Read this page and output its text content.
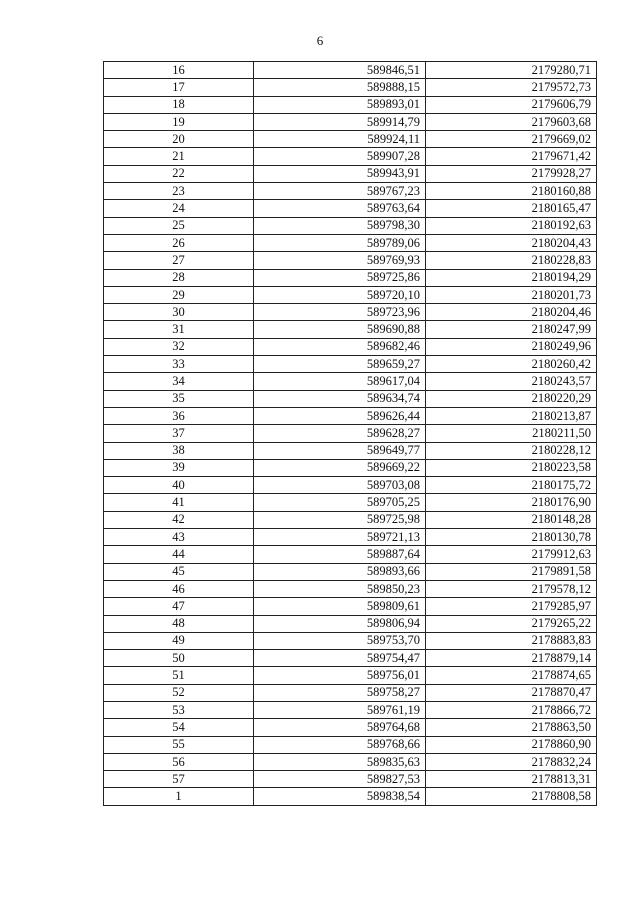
6
16	589846,51	2179280,71
17	589888,15	2179572,73
18	589893,01	2179606,79
19	589914,79	2179603,68
20	589924,11	2179669,02
21	589907,28	2179671,42
22	589943,91	2179928,27
23	589767,23	2180160,88
24	589763,64	2180165,47
25	589798,30	2180192,63
26	589789,06	2180204,43
27	589769,93	2180228,83
28	589725,86	2180194,29
29	589720,10	2180201,73
30	589723,96	2180204,46
31	589690,88	2180247,99
32	589682,46	2180249,96
33	589659,27	2180260,42
34	589617,04	2180243,57
35	589634,74	2180220,29
36	589626,44	2180213,87
37	589628,27	2180211,50
38	589649,77	2180228,12
39	589669,22	2180223,58
40	589703,08	2180175,72
41	589705,25	2180176,90
42	589725,98	2180148,28
43	589721,13	2180130,78
44	589887,64	2179912,63
45	589893,66	2179891,58
46	589850,23	2179578,12
47	589809,61	2179285,97
48	589806,94	2179265,22
49	589753,70	2178883,83
50	589754,47	2178879,14
51	589756,01	2178874,65
52	589758,27	2178870,47
53	589761,19	2178866,72
54	589764,68	2178863,50
55	589768,66	2178860,90
56	589835,63	2178832,24
57	589827,53	2178813,31
1	589838,54	2178808,58
